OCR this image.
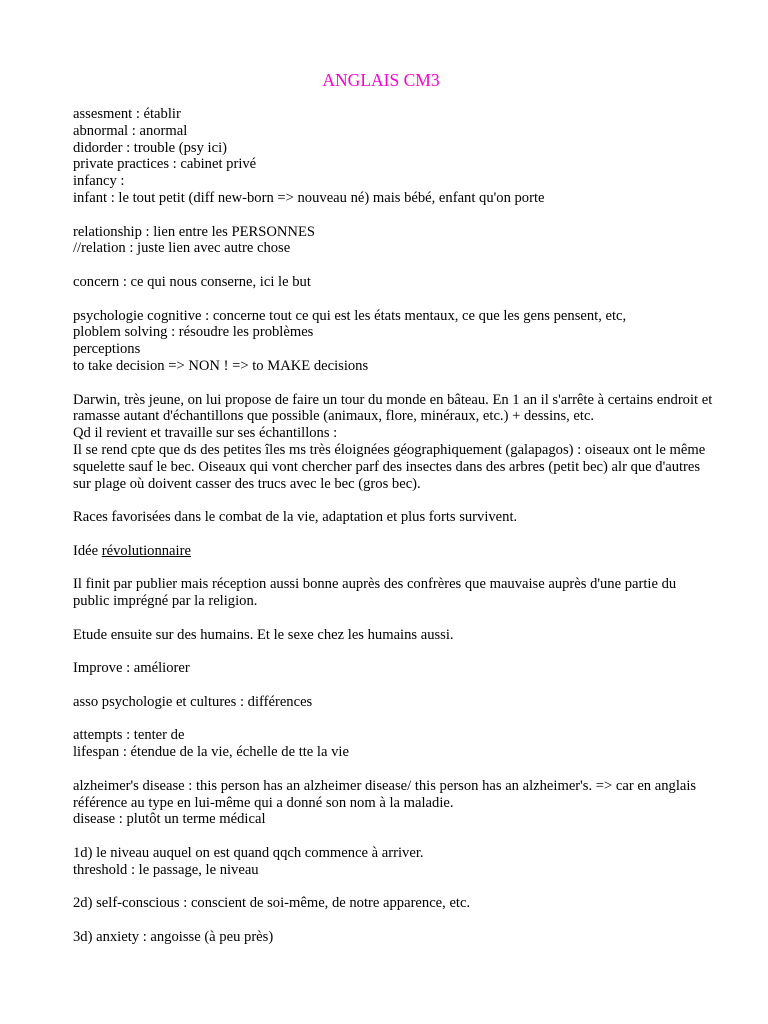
ANGLAIS CM3
assesment : établir
abnormal : anormal
didorder : trouble (psy ici)
private practices : cabinet privé
infancy :
infant : le tout petit (diff new-born => nouveau né) mais bébé, enfant qu'on porte
relationship : lien entre les PERSONNES
//relation : juste lien avec autre chose
concern : ce qui nous conserne, ici le but
psychologie cognitive : concerne tout ce qui est les états mentaux, ce que les gens pensent, etc,
ploblem solving : résoudre les problèmes
perceptions
to take decision => NON ! => to MAKE decisions
Darwin, très jeune, on lui propose de faire un tour du monde en bâteau. En 1 an il s'arrête à certains endroit et ramasse autant d'échantillons que possible (animaux, flore, minéraux, etc.) + dessins, etc.
Qd il revient et travaille sur ses échantillons :
Il se rend cpte que ds des petites îles ms très éloignées géographiquement (galapagos) : oiseaux ont le même squelette sauf le bec. Oiseaux qui vont chercher parf des insectes dans des arbres (petit bec) alr que d'autres sur plage où doivent casser des trucs avec le bec (gros bec).
Races favorisées dans le combat de la vie, adaptation et plus forts survivent.
Idée révolutionnaire
Il finit par publier mais réception aussi bonne auprès des confrères que mauvaise auprès d'une partie du public imprégné par la religion.
Etude ensuite sur des humains. Et le sexe chez les humains aussi.
Improve : améliorer
asso psychologie et cultures : différences
attempts : tenter de
lifespan : étendue de la vie, échelle de tte la vie
alzheimer's disease : this person has an alzheimer disease/ this person has an alzheimer's. => car en anglais référence au type en lui-même qui a donné son nom à la maladie.
disease : plutôt un terme médical
1d) le niveau auquel on est quand qqch commence à arriver.
threshold : le passage, le niveau
2d) self-conscious : conscient de soi-même, de notre apparence, etc.
3d) anxiety : angoisse (à peu près)
